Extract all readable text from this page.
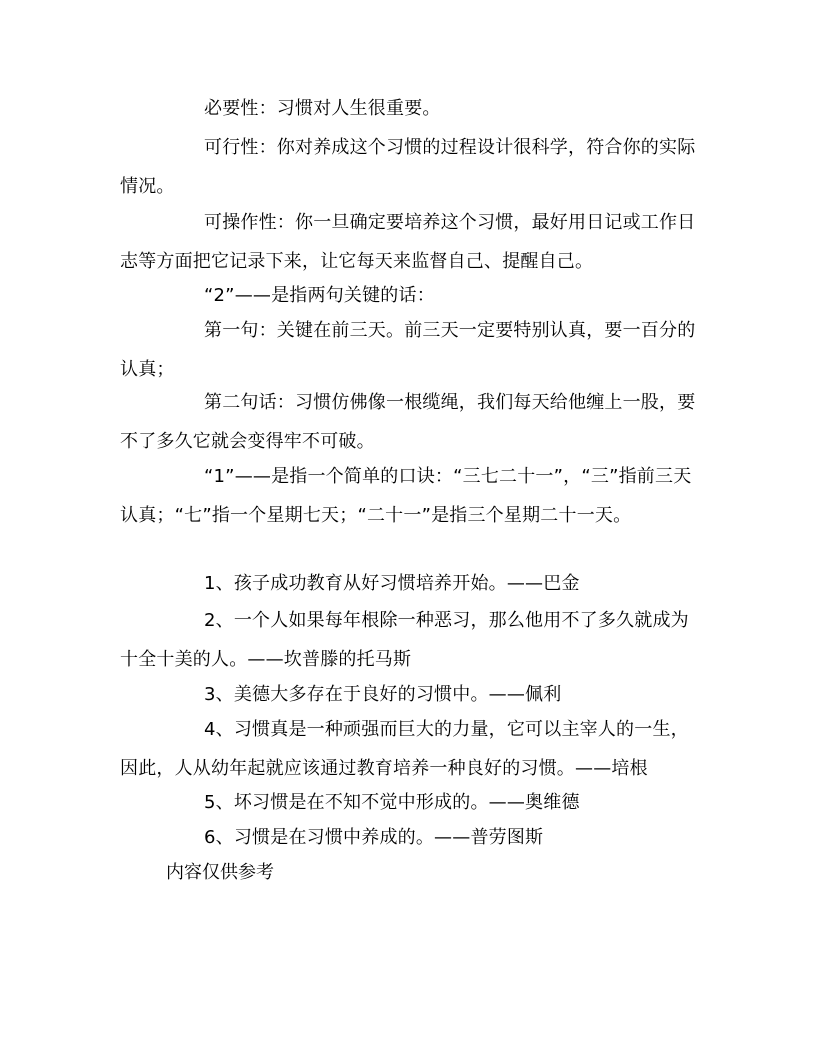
必要性：习惯对人生很重要。

可行性：你对养成这个习惯的过程设计很科学，符合你的实际情况。

可操作性：你一旦确定要培养这个习惯，最好用日记或工作日志等方面把它记录下来，让它每天来监督自己、提醒自己。

“2”——是指两句关键的话：

第一句：关键在前三天。前三天一定要特别认真，要一百分的认真；

第二句话：习惯仿佛像一根缆绳，我们每天给他缠上一股，要不了多久它就会变得牢不可破。

“1”——是指一个简单的口诀：“三七二十一”，“三”指前三天认真；“七”指一个星期七天；“二十一”是指三个星期二十一天。

1、孩子成功教育从好习惯培养开始。——巴金

2、一个人如果每年根除一种恶习，那么他用不了多久就成为十全十美的人。——坎普滕的托马斯

3、美德大多存在于良好的习惯中。——佩利

4、习惯真是一种顽强而巨大的力量，它可以主宰人的一生，因此，人从幼年起就应该通过教育培养一种良好的习惯。——培根

5、坏习惯是在不知不觉中形成的。——奥维德

6、习惯是在习惯中养成的。——普劳图斯

内容仅供参考
